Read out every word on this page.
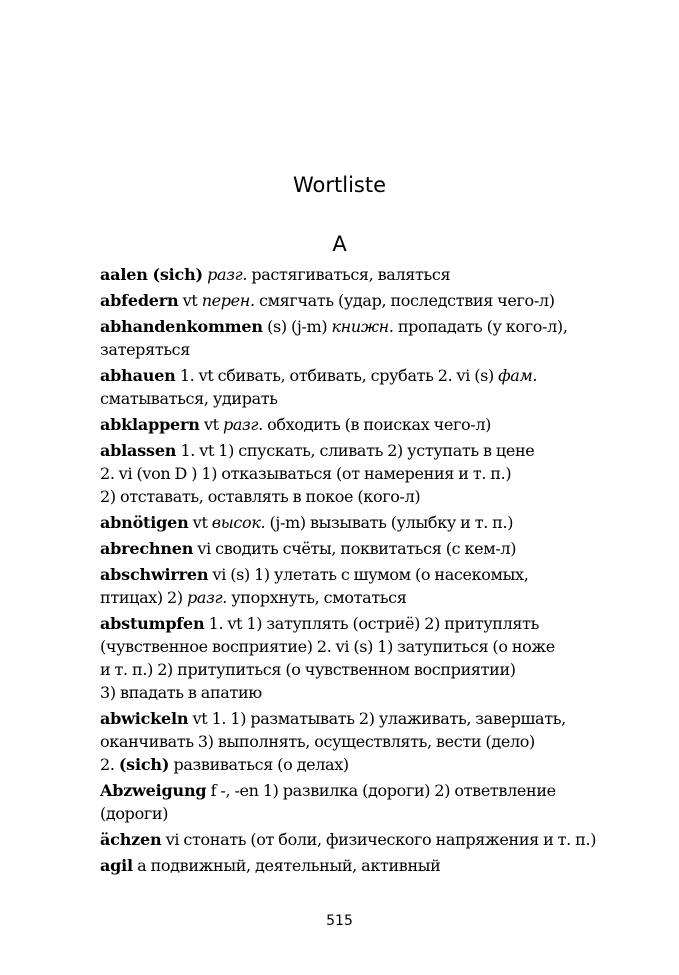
Wortliste
A
aalen (sich) разг. растягиваться, валяться
abfedern vt перен. смягчать (удар, последствия чего-л)
abhandenkommen (s) (j-m) книжн. пропадать (у кого-л),
затеряться
abhauen 1. vt сбивать, отбивать, срубать 2. vi (s) фам.
сматываться, удирать
abklappern vt разг. обходить (в поисках чего-л)
ablassen 1. vt 1) спускать, сливать 2) уступать в цене
2. vi (von D ) 1) отказываться (от намерения и т. п.)
2) отставать, оставлять в покое (кого-л)
abnötigen vt высок. (j-m) вызывать (улыбку и т. п.)
abrechnen vi сводить счёты, поквитаться (с кем-л)
abschwirren vi (s) 1) улетать с шумом (о насекомых,
птицах) 2) разг. упорхнуть, смотаться
abstumpfen 1. vt 1) затуплять (остриё) 2) притуплять
(чувственное восприятие) 2. vi (s) 1) затупиться (о ноже
и т. п.) 2) притупиться (о чувственном восприятии)
3) впадать в апатию
abwickeln vt 1. 1) разматывать 2) улаживать, завершать,
оканчивать 3) выполнять, осуществлять, вести (дело)
2. (sich) развиваться (о делах)
Abzweigung f -, -en 1) развилка (дороги) 2) ответвление
(дороги)
ächzen vi стонать (от боли, физического напряжения и т. п.)
agil a подвижный, деятельный, активный
515
